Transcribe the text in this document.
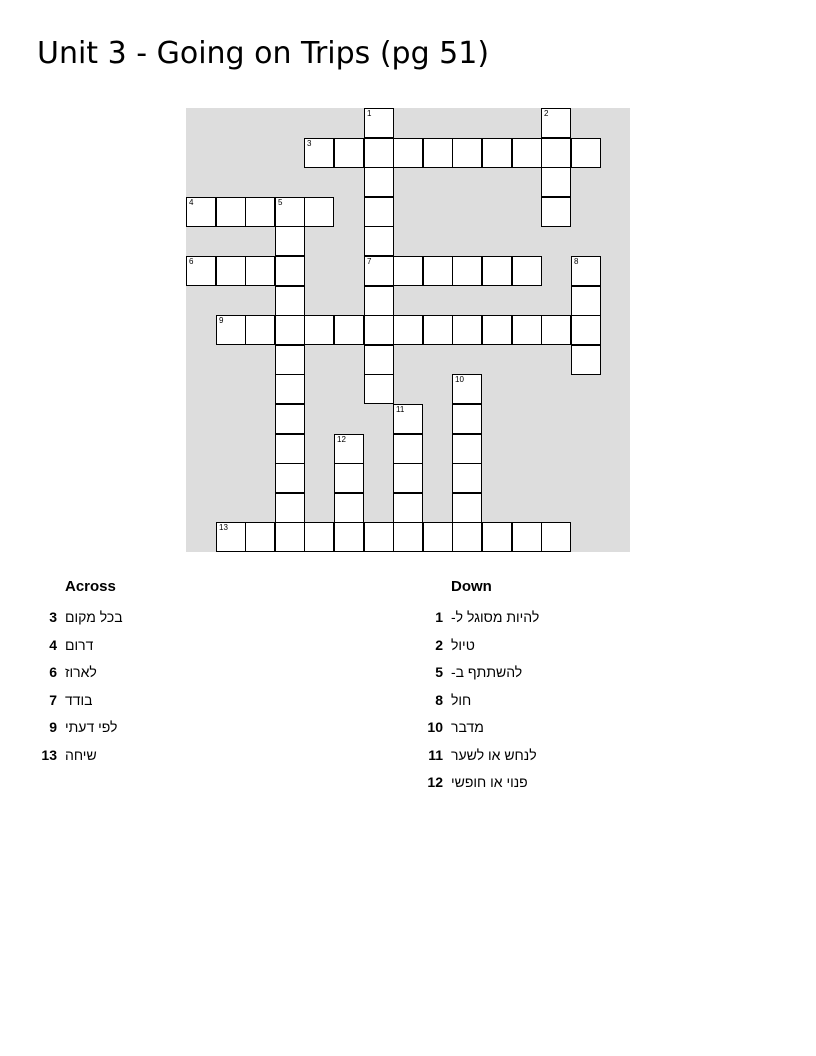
Unit 3 - Going on Trips (pg 51)
1	2
3
4	5
6	7	8
9
10
11
12
13
Across	Down
3 בכל מקום
4 דרום
6 לארוז
7 בודד
9 לפי דעתי
13 שיחה
1 להיות מסוגל ל-
2 טיול
5 להשתתף ב-
8 חול
10 מדבר
11 לנחש או לשער
12 פנוי או חופשי
